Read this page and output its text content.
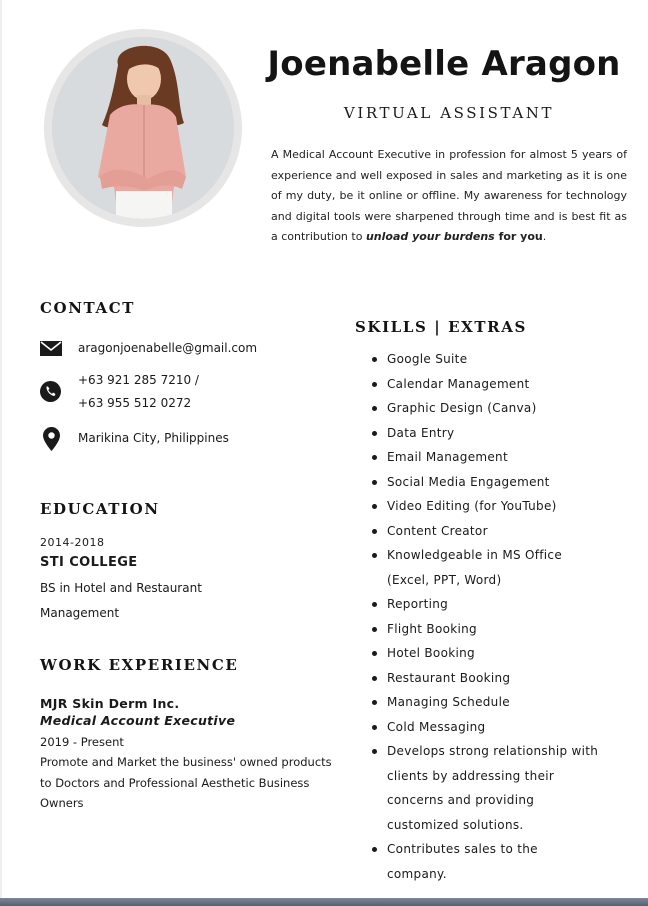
Joenabelle Aragon
VIRTUAL ASSISTANT
A Medical Account Executive in profession for almost 5 years of experience and well exposed in sales and marketing as it is one of my duty, be it online or offline. My awareness for technology and digital tools were sharpened through time and is best fit as a contribution to unload your burdens for you.
CONTACT
aragonjoenabelle@gmail.com
+63 921 285 7210 /
+63 955 512 0272
Marikina City, Philippines
EDUCATION
2014-2018
STI COLLEGE
BS in Hotel and Restaurant Management
WORK EXPERIENCE
MJR Skin Derm Inc.
Medical Account Executive
2019 - Present
Promote and Market the business' owned products to Doctors and Professional Aesthetic Business Owners
SKILLS | EXTRAS
Google Suite
Calendar Management
Graphic Design (Canva)
Data Entry
Email Management
Social Media Engagement
Video Editing (for YouTube)
Content Creator
Knowledgeable in MS Office (Excel, PPT, Word)
Reporting
Flight Booking
Hotel Booking
Restaurant Booking
Managing Schedule
Cold Messaging
Develops strong relationship with clients by addressing their concerns and providing customized solutions.
Contributes sales to the company.
